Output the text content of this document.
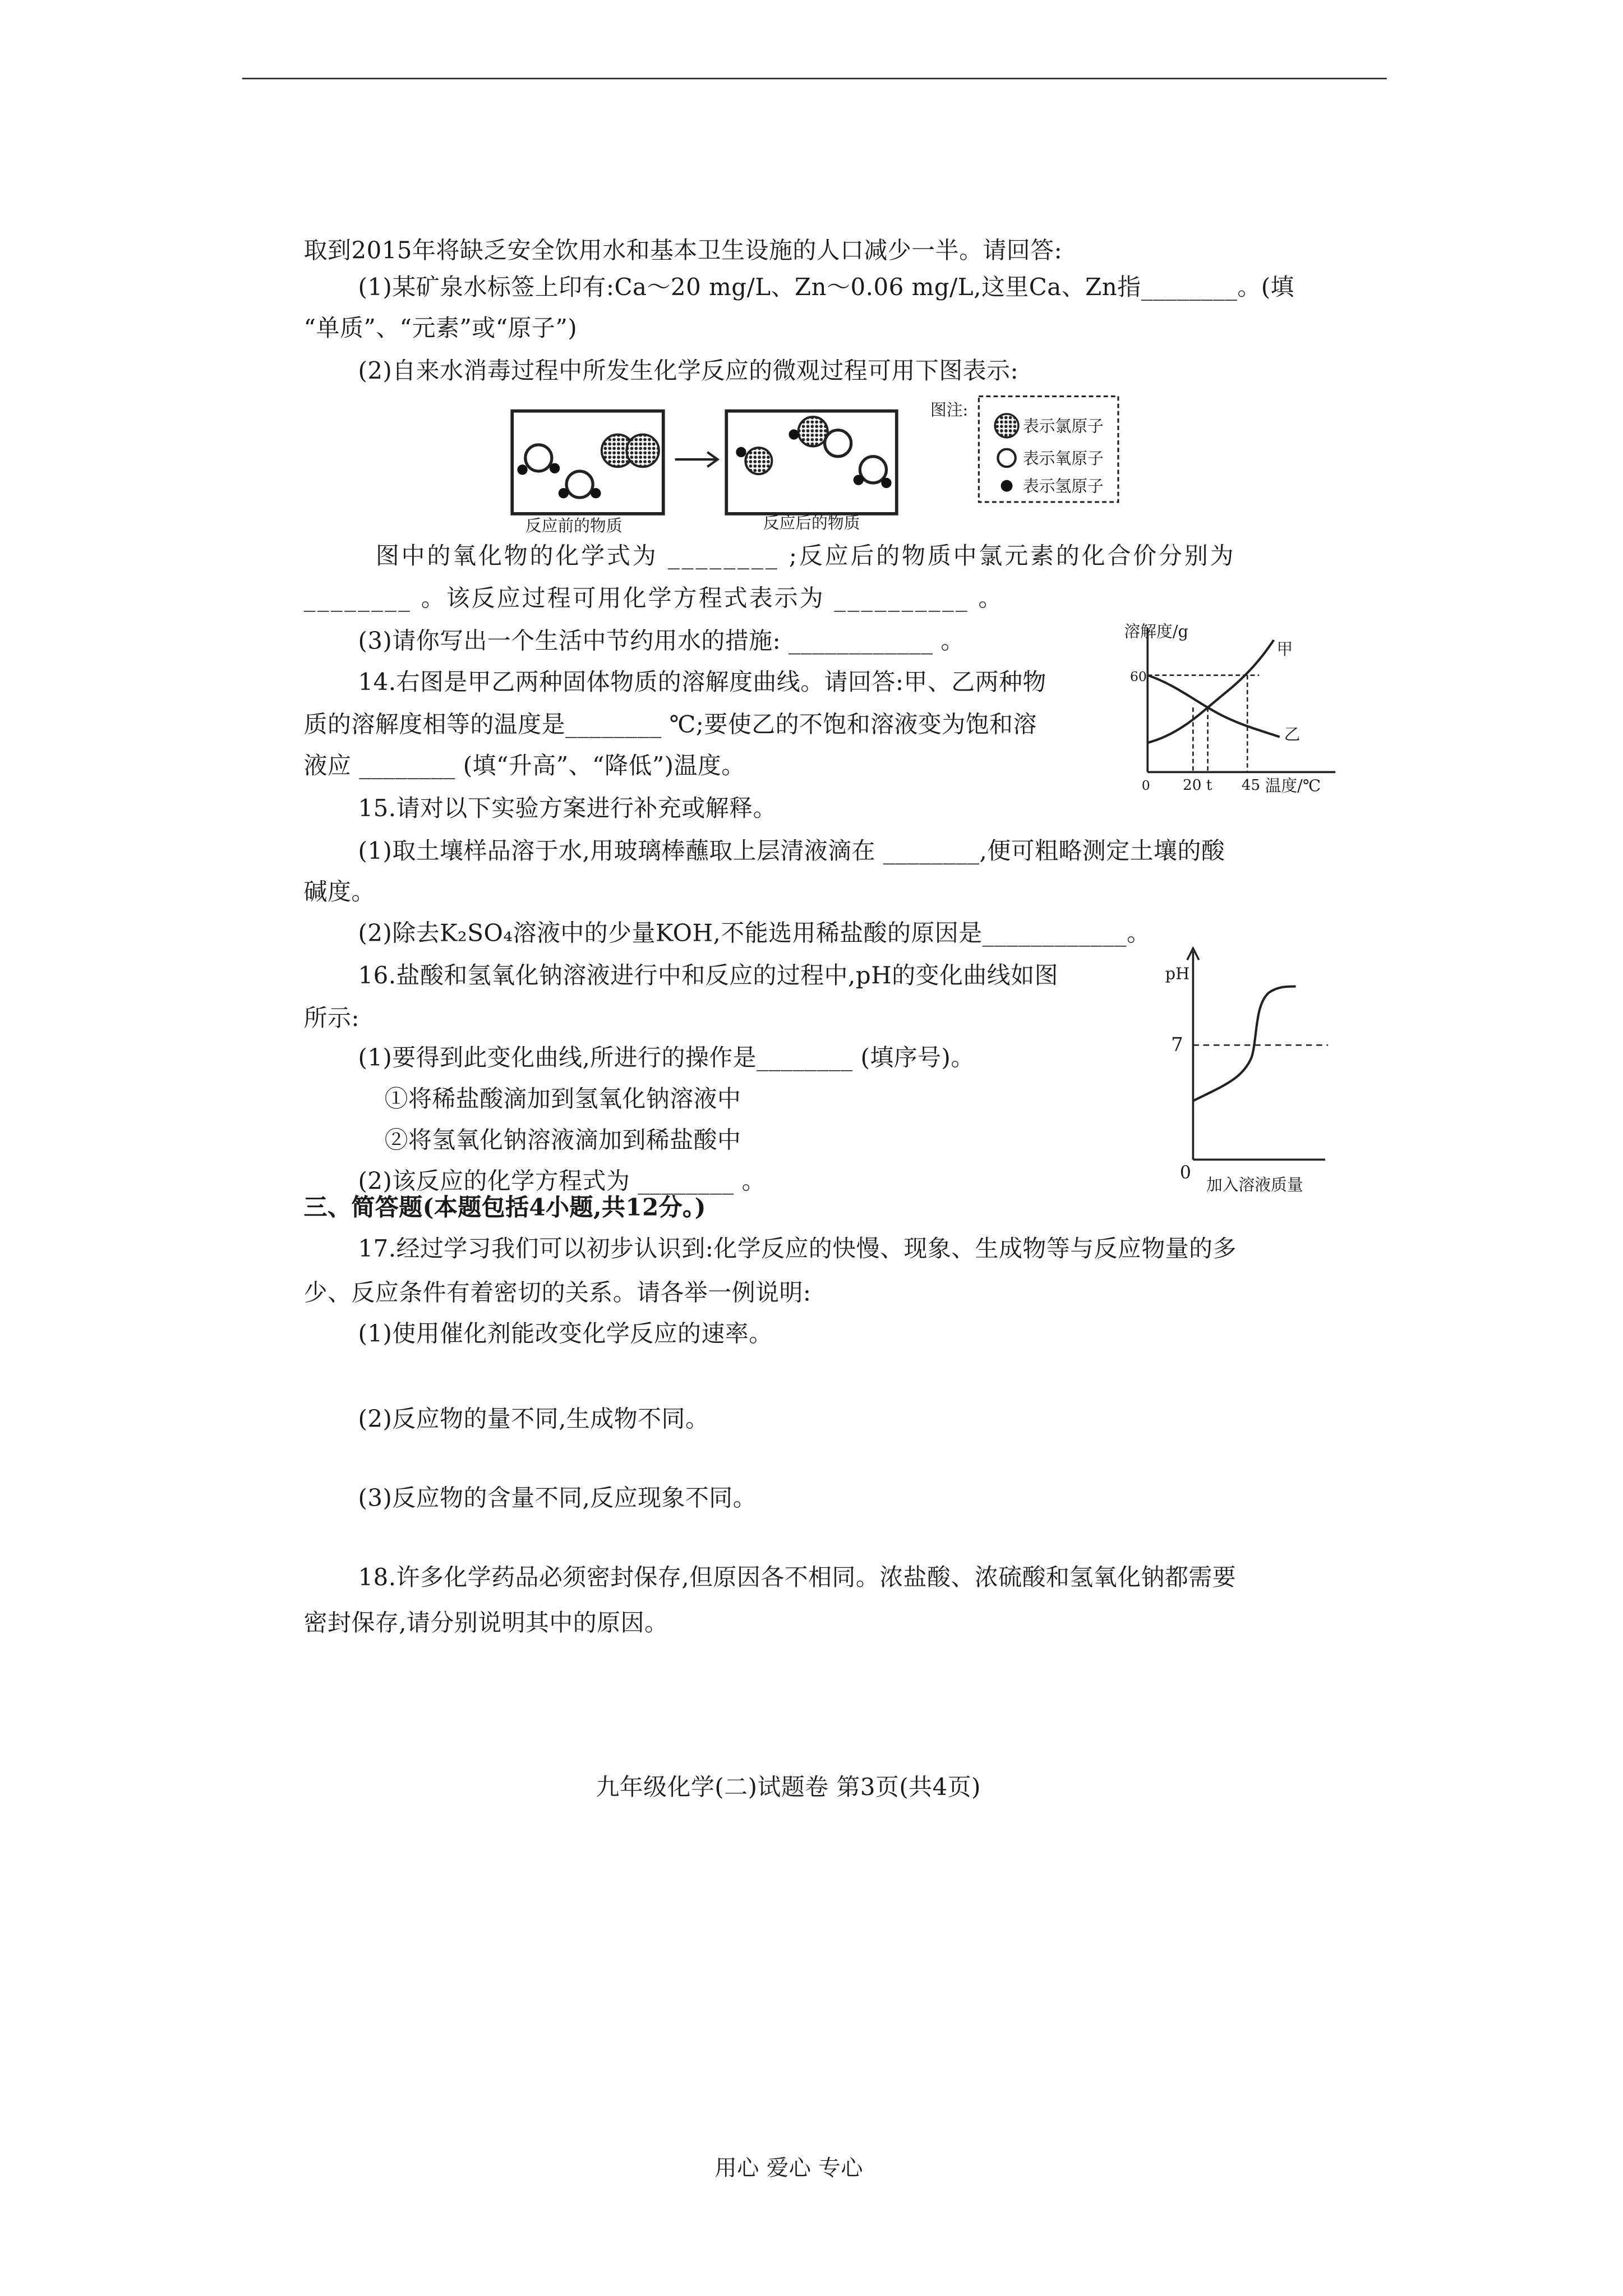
取到2015年将缺乏安全饮用水和基本卫生设施的人口减少一半。请回答:
(1)某矿泉水标签上印有:Ca～20 mg/L、Zn～0.06 mg/L,这里Ca、Zn指________。(填
“单质”、“元素”或“原子”)
(2)自来水消毒过程中所发生化学反应的微观过程可用下图表示:
图注:
表示氯原子
表示氧原子
表示氢原子
反应前的物质	反应后的物质
图中的氧化物的化学式为 ________ ;反应后的物质中氯元素的化合价分别为
________ 。该反应过程可用化学方程式表示为 __________ 。
(3)请你写出一个生活中节约用水的措施: ____________ 。
14.右图是甲乙两种固体物质的溶解度曲线。请回答:甲、乙两种物
质的溶解度相等的温度是________ ℃;要使乙的不饱和溶液变为饱和溶
液应 ________ (填“升高”、“降低”)温度。
溶解度/g
甲
乙
60
0	20 t	45 温度/℃
15.请对以下实验方案进行补充或解释。
(1)取土壤样品溶于水,用玻璃棒蘸取上层清液滴在 ________,便可粗略测定土壤的酸
碱度。
(2)除去K₂SO₄溶液中的少量KOH,不能选用稀盐酸的原因是____________。
16.盐酸和氢氧化钠溶液进行中和反应的过程中,pH的变化曲线如图
所示:
(1)要得到此变化曲线,所进行的操作是________ (填序号)。
①将稀盐酸滴加到氢氧化钠溶液中
②将氢氧化钠溶液滴加到稀盐酸中
(2)该反应的化学方程式为 ________ 。
pH
7
0
加入溶液质量
三、简答题(本题包括4小题,共12分。)
17.经过学习我们可以初步认识到:化学反应的快慢、现象、生成物等与反应物量的多
少、反应条件有着密切的关系。请各举一例说明:
(1)使用催化剂能改变化学反应的速率。
(2)反应物的量不同,生成物不同。
(3)反应物的含量不同,反应现象不同。
18.许多化学药品必须密封保存,但原因各不相同。浓盐酸、浓硫酸和氢氧化钠都需要
密封保存,请分别说明其中的原因。
九年级化学(二)试题卷 第3页(共4页)
用心 爱心 专心
